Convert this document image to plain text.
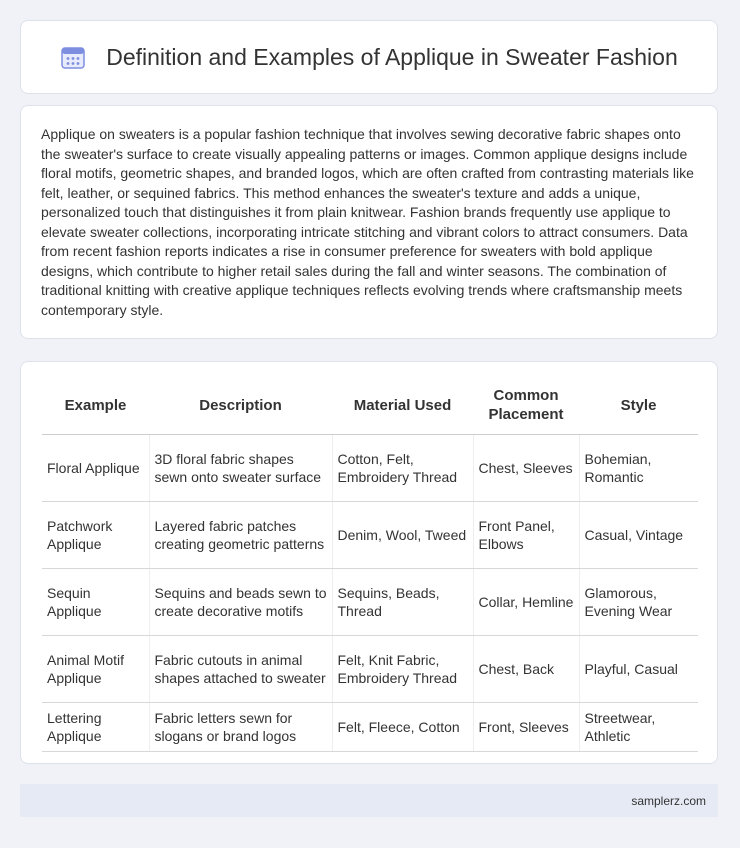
Definition and Examples of Applique in Sweater Fashion

Applique on sweaters is a popular fashion technique that involves sewing decorative fabric shapes onto the sweater's surface to create visually appealing patterns or images. Common applique designs include floral motifs, geometric shapes, and branded logos, which are often crafted from contrasting materials like felt, leather, or sequined fabrics. This method enhances the sweater's texture and adds a unique, personalized touch that distinguishes it from plain knitwear. Fashion brands frequently use applique to elevate sweater collections, incorporating intricate stitching and vibrant colors to attract consumers. Data from recent fashion reports indicates a rise in consumer preference for sweaters with bold applique designs, which contribute to higher retail sales during the fall and winter seasons. The combination of traditional knitting with creative applique techniques reflects evolving trends where craftsmanship meets contemporary style.

Example	Description	Material Used	Common Placement	Style
Floral Applique	3D floral fabric shapes sewn onto sweater surface	Cotton, Felt, Embroidery Thread	Chest, Sleeves	Bohemian, Romantic
Patchwork Applique	Layered fabric patches creating geometric patterns	Denim, Wool, Tweed	Front Panel, Elbows	Casual, Vintage
Sequin Applique	Sequins and beads sewn to create decorative motifs	Sequins, Beads, Thread	Collar, Hemline	Glamorous, Evening Wear
Animal Motif Applique	Fabric cutouts in animal shapes attached to sweater	Felt, Knit Fabric, Embroidery Thread	Chest, Back	Playful, Casual
Lettering Applique	Fabric letters sewn for slogans or brand logos	Felt, Fleece, Cotton	Front, Sleeves	Streetwear, Athletic
samplerz.com
